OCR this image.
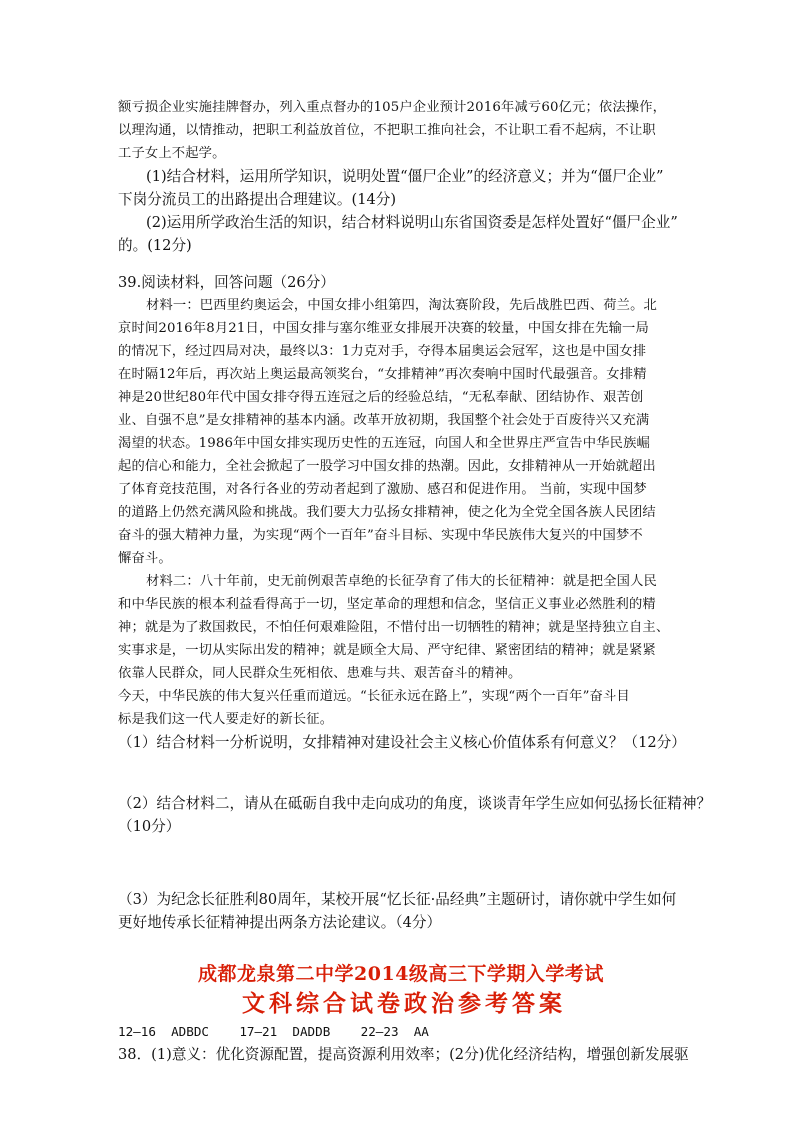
额亏损企业实施挂牌督办，列入重点督办的105户企业预计2016年减亏60亿元；依法操作，
以理沟通，以情推动，把职工利益放首位，不把职工推向社会，不让职工看不起病，不让职
工子女上不起学。
(1)结合材料，运用所学知识，说明处置“僵尸企业”的经济意义；并为“僵尸企业”
下岗分流员工的出路提出合理建议。(14分)
(2)运用所学政治生活的知识，结合材料说明山东省国资委是怎样处置好“僵尸企业”
的。(12分)
39.阅读材料，回答问题（26分）
材料一：巴西里约奥运会，中国女排小组第四，淘汰赛阶段，先后战胜巴西、荷兰。北
京时间2016年8月21日，中国女排与塞尔维亚女排展开决赛的较量，中国女排在先输一局
的情况下，经过四局对决，最终以3：1力克对手，夺得本届奥运会冠军，这也是中国女排
在时隔12年后，再次站上奥运最高领奖台，“女排精神”再次奏响中国时代最强音。女排精
神是20世纪80年代中国女排夺得五连冠之后的经验总结，“无私奉献、团结协作、艰苦创
业、自强不息”是女排精神的基本内涵。改革开放初期，我国整个社会处于百废待兴又充满
渴望的状态。1986年中国女排实现历史性的五连冠，向国人和全世界庄严宣告中华民族崛
起的信心和能力，全社会掀起了一股学习中国女排的热潮。因此，女排精神从一开始就超出
了体育竞技范围，对各行各业的劳动者起到了激励、感召和促进作用。 当前，实现中国梦
的道路上仍然充满风险和挑战。我们要大力弘扬女排精神，使之化为全党全国各族人民团结
奋斗的强大精神力量，为实现“两个一百年”奋斗目标、实现中华民族伟大复兴的中国梦不
懈奋斗。
材料二：八十年前，史无前例艰苦卓绝的长征孕育了伟大的长征精神：就是把全国人民
和中华民族的根本利益看得高于一切，坚定革命的理想和信念，坚信正义事业必然胜利的精
神；就是为了救国救民，不怕任何艰难险阻，不惜付出一切牺牲的精神；就是坚持独立自主、
实事求是，一切从实际出发的精神；就是顾全大局、严守纪律、紧密团结的精神；就是紧紧
依靠人民群众，同人民群众生死相依、患难与共、艰苦奋斗的精神。
今天，中华民族的伟大复兴任重而道远。“长征永远在路上”，实现“两个一百年”奋斗目
标是我们这一代人要走好的新长征。
（1）结合材料一分析说明，女排精神对建设社会主义核心价值体系有何意义？（12分）
（2）结合材料二，请从在砥砺自我中走向成功的角度，谈谈青年学生应如何弘扬长征精神？
（10分）
（3）为纪念长征胜利80周年，某校开展“忆长征·品经典”主题研讨，请你就中学生如何
更好地传承长征精神提出两条方法论建议。（4分）
成都龙泉第二中学2014级高三下学期入学考试
文科综合试卷政治参考答案
12—16  ADBDC    17—21  DADDB    22—23  AA
38．(1)意义：优化资源配置，提高资源利用效率；(2分)优化经济结构，增强创新发展驱
